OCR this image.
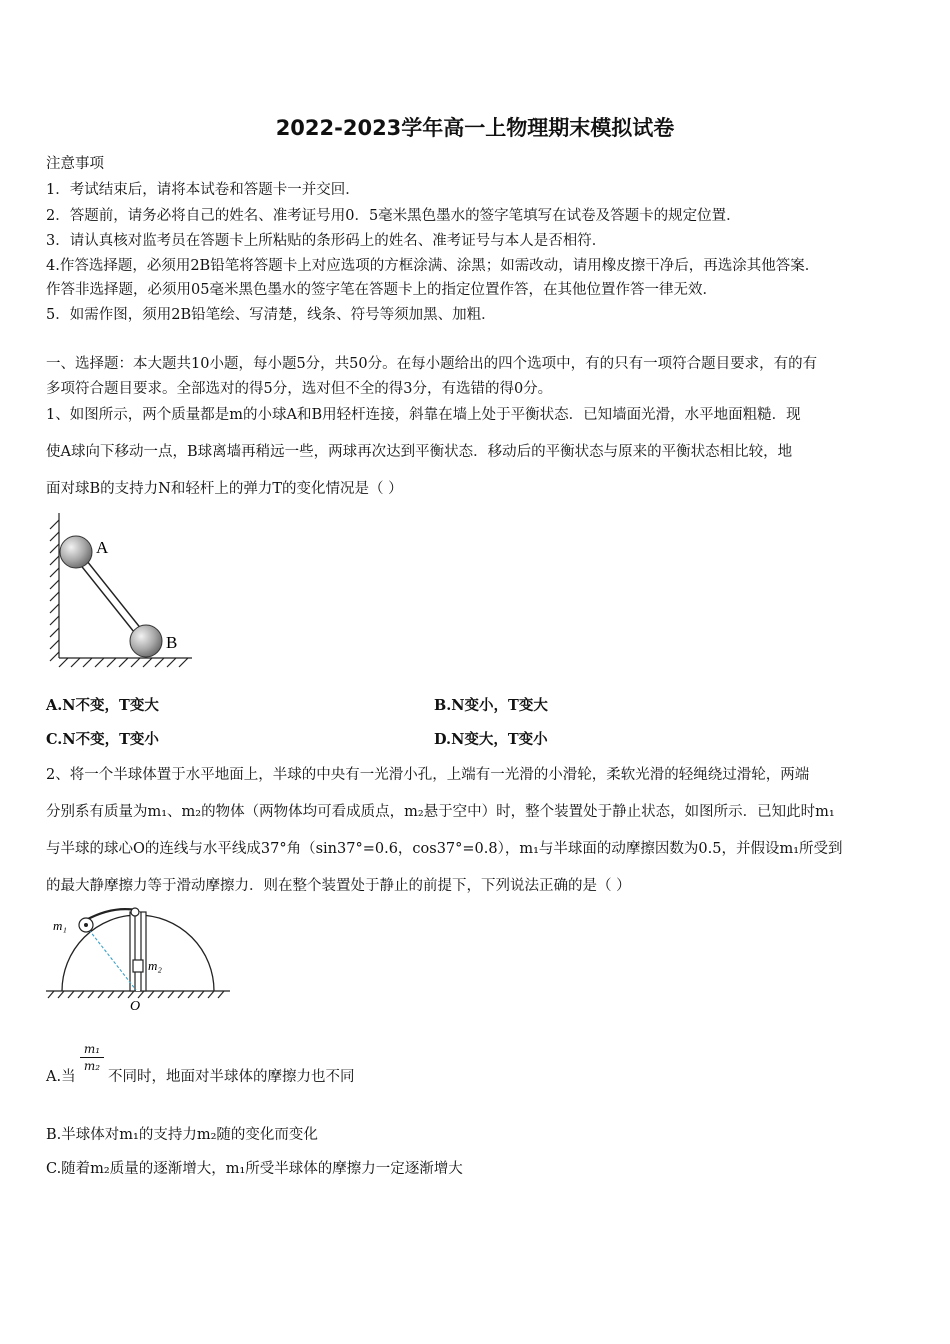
2022-2023学年高一上物理期末模拟试卷
注意事项
1．考试结束后，请将本试卷和答题卡一并交回．
2．答题前，请务必将自己的姓名、准考证号用0．5毫米黑色墨水的签字笔填写在试卷及答题卡的规定位置．
3．请认真核对监考员在答题卡上所粘贴的条形码上的姓名、准考证号与本人是否相符．
4.作答选择题，必须用2B铅笔将答题卡上对应选项的方框涂满、涂黑；如需改动，请用橡皮擦干净后，再选涂其他答案．
作答非选择题，必须用05毫米黑色墨水的签字笔在答题卡上的指定位置作答，在其他位置作答一律无效．
5．如需作图，须用2B铅笔绘、写清楚，线条、符号等须加黑、加粗．
一、选择题：本大题共10小题，每小题5分，共50分。在每小题给出的四个选项中，有的只有一项符合题目要求，有的有
多项符合题目要求。全部选对的得5分，选对但不全的得3分，有选错的得0分。
1、如图所示，两个质量都是m的小球A和B用轻杆连接，斜靠在墙上处于平衡状态．已知墙面光滑，水平地面粗糙．现
使A球向下移动一点，B球离墙再稍远一些，两球再次达到平衡状态．移动后的平衡状态与原来的平衡状态相比较，地
面对球B的支持力N和轻杆上的弹力T的变化情况是（ ）
A
B
A.N不变，T变大	B.N变小，T变大
C.N不变，T变小	D.N变大，T变小
2、将一个半球体置于水平地面上，半球的中央有一光滑小孔，上端有一光滑的小滑轮，柔软光滑的轻绳绕过滑轮，两端
分别系有质量为m₁、m₂的物体（两物体均可看成质点，m₂悬于空中）时，整个装置处于静止状态，如图所示．已知此时m₁
与半球的球心O的连线与水平线成37°角（sin37°=0.6，cos37°=0.8），m₁与半球面的动摩擦因数为0.5，并假设m₁所受到
的最大静摩擦力等于滑动摩擦力．则在整个装置处于静止的前提下，下列说法正确的是（ ）
m₁
m₂
O
A.当
m₁
m₂
不同时，地面对半球体的摩擦力也不同
B.半球体对m₁的支持力m₂随的变化而变化
C.随着m₂质量的逐渐增大，m₁所受半球体的摩擦力一定逐渐增大
